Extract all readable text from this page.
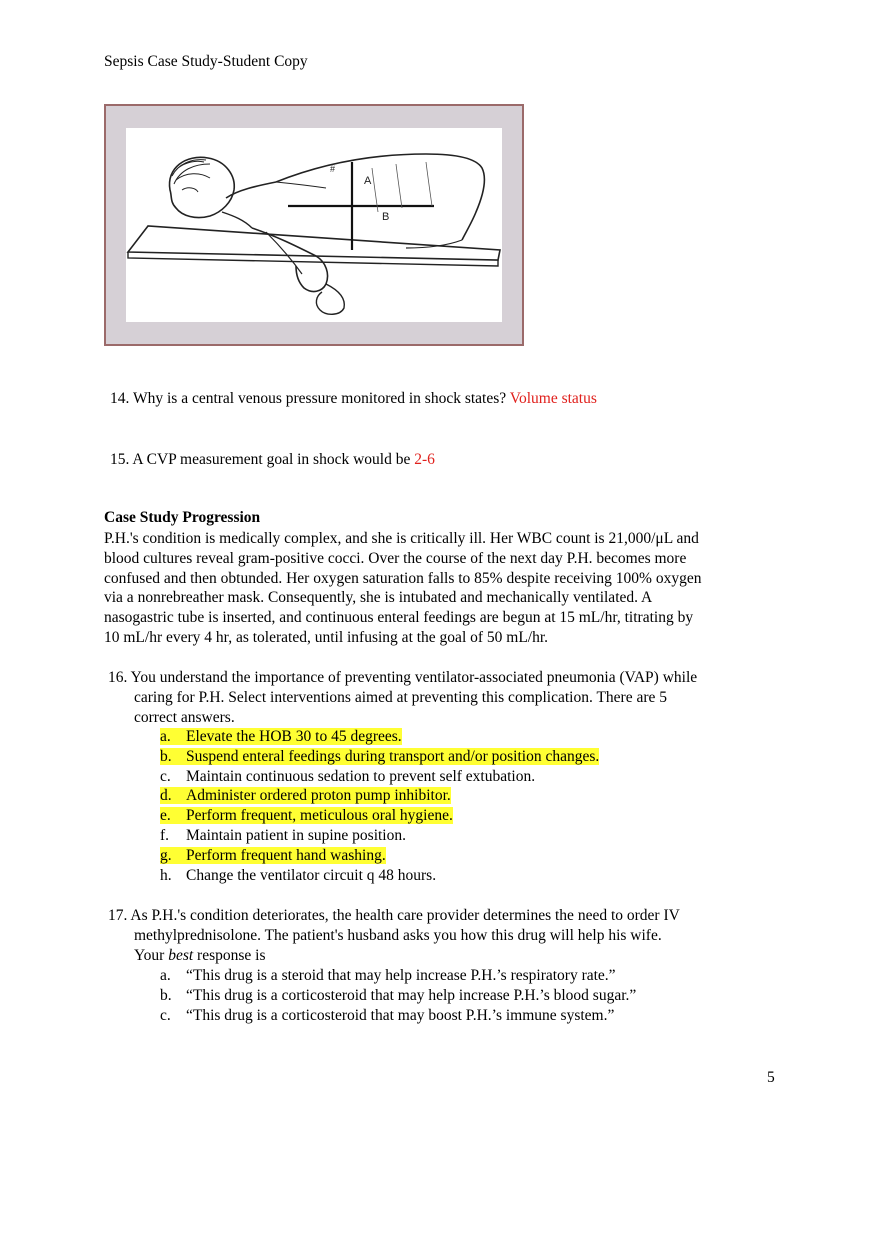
Sepsis Case Study-Student Copy
A
B
#
14. Why is a central venous pressure monitored in shock states? Volume status
15. A CVP measurement goal in shock would be 2-6
Case Study Progression
P.H.'s condition is medically complex, and she is critically ill. Her WBC count is 21,000/μL and
blood cultures reveal gram-positive cocci. Over the course of the next day P.H. becomes more
confused and then obtunded. Her oxygen saturation falls to 85% despite receiving 100% oxygen
via a nonrebreather mask. Consequently, she is intubated and mechanically ventilated. A
nasogastric tube is inserted, and continuous enteral feedings are begun at 15 mL/hr, titrating by
10 mL/hr every 4 hr, as tolerated, until infusing at the goal of 50 mL/hr.
16. You understand the importance of preventing ventilator-associated pneumonia (VAP) while
caring for P.H. Select interventions aimed at preventing this complication. There are 5
correct answers.
a. Elevate the HOB 30 to 45 degrees.
b. Suspend enteral feedings during transport and/or position changes.
c. Maintain continuous sedation to prevent self extubation.
d. Administer ordered proton pump inhibitor.
e. Perform frequent, meticulous oral hygiene.
f. Maintain patient in supine position.
g. Perform frequent hand washing.
h. Change the ventilator circuit q 48 hours.
17. As P.H.'s condition deteriorates, the health care provider determines the need to order IV
methylprednisolone. The patient's husband asks you how this drug will help his wife.
Your best response is
a. “This drug is a steroid that may help increase P.H.’s respiratory rate.”
b. “This drug is a corticosteroid that may help increase P.H.’s blood sugar.”
c. “This drug is a corticosteroid that may boost P.H.’s immune system.”
5
